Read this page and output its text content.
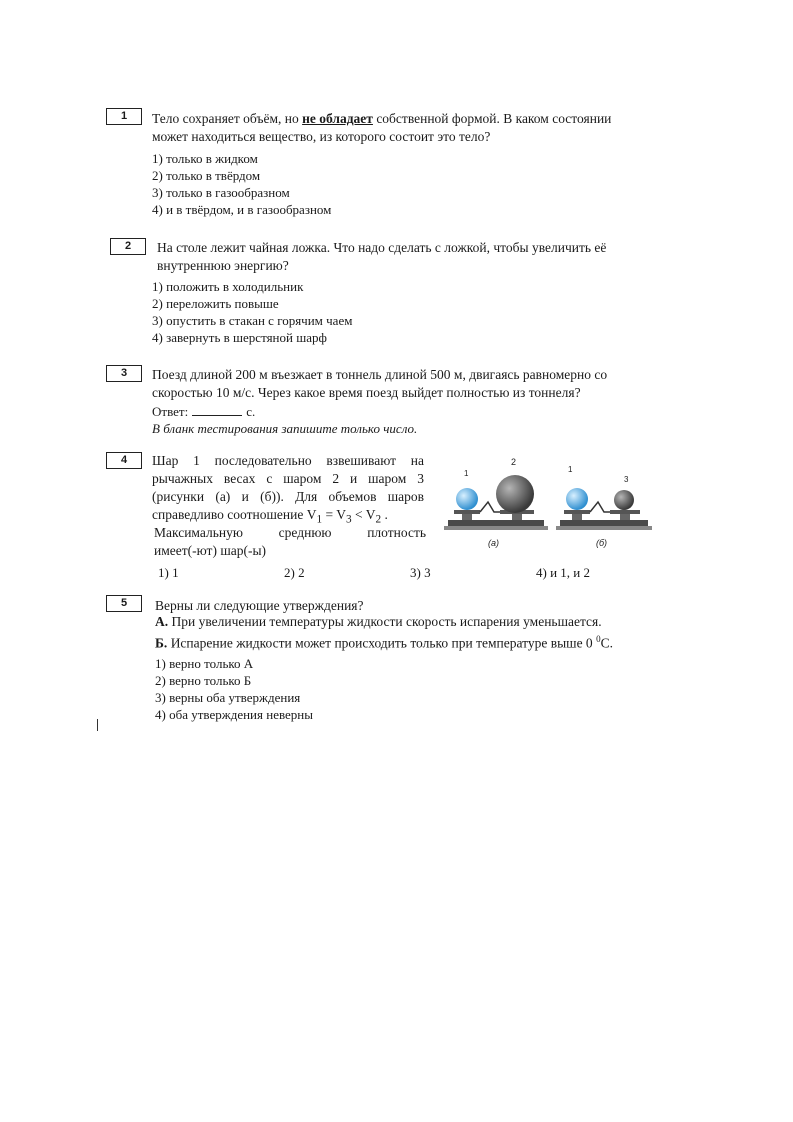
1	Тело сохраняет объём, но не обладает собственной формой. В каком состоянии
может находиться вещество, из которого состоит это тело?
1) только в жидком
2) только в твёрдом
3) только в газообразном
4) и в твёрдом, и в газообразном
2	На столе лежит чайная ложка. Что надо сделать с ложкой, чтобы увеличить её
внутреннюю энергию?
1) положить в холодильник
2) переложить повыше
3) опустить в стакан с горячим чаем
4) завернуть в шерстяной шарф
3	Поезд длиной 200 м въезжает в тоннель длиной 500 м, двигаясь равномерно со
скоростью 10 м/с. Через какое время поезд выйдет полностью из тоннеля?
Ответ:	с.
В бланк тестирования запишите только число.
4	Шар 1 последовательно взвешивают на
рычажных весах с шаром 2 и шаром 3
(рисунки (а) и (б)). Для объемов шаров
справедливо соотношение $V_1 = V_3 < V_2$ .
Максимальную среднюю плотность
имеет(-ют) шар(-ы)
1) 1	2) 2	3) 3	4) и 1, и 2
1
2
(а)
1
3
(б)
5	Верны ли следующие утверждения?
А. При увеличении температуры жидкости скорость испарения уменьшается.
Б. Испарение жидкости может происходить только при температуре выше 0 $^0$С.
1) верно только А
2) верно только Б
3) верны оба утверждения
4) оба утверждения неверны
